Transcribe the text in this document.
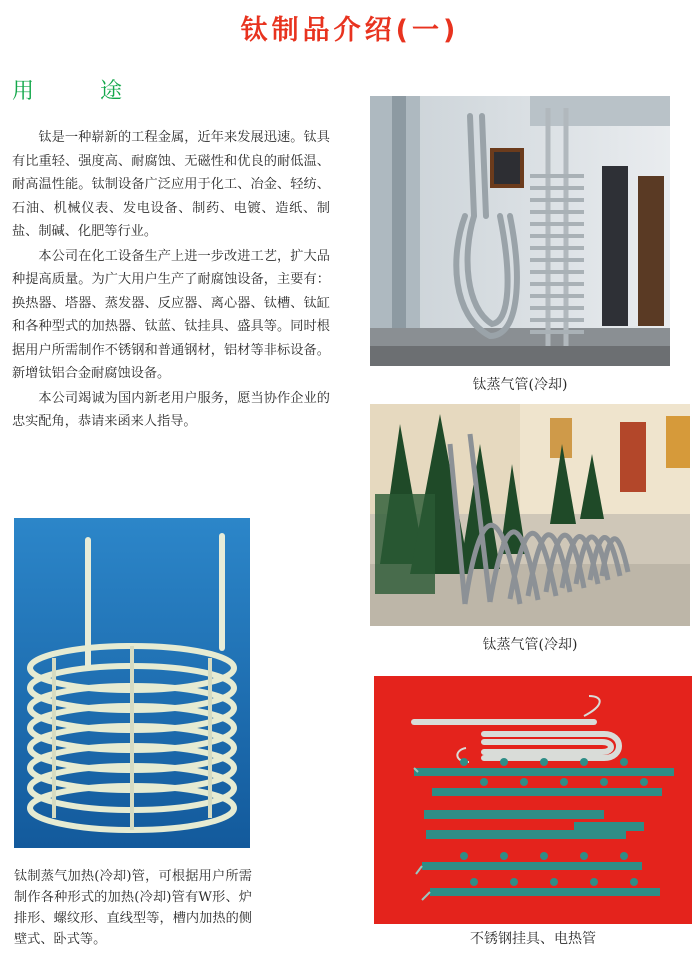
钛制品介绍(一)
用　途

钛是一种崭新的工程金属，近年来发展迅速。钛具有比重轻、强度高、耐腐蚀、无磁性和优良的耐低温、耐高温性能。钛制设备广泛应用于化工、冶金、轻纺、石油、机械仪表、发电设备、制药、电镀、造纸、制盐、制碱、化肥等行业。

本公司在化工设备生产上进一步改进工艺，扩大品种提高质量。为广大用户生产了耐腐蚀设备，主要有：换热器、塔器、蒸发器、反应器、离心器、钛槽、钛缸和各种型式的加热器、钛蓝、钛挂具、盛具等。同时根据用户所需制作不锈钢和普通钢材，铝材等非标设备。新增钛铝合金耐腐蚀设备。

本公司竭诚为国内新老用户服务，愿当协作企业的忠实配角，恭请来函来人指导。

钛蒸气管(冷却)
钛蒸气管(冷却)
钛制蒸气加热(冷却)管，可根据用户所需制作各种形式的加热(冷却)管有W形、炉排形、螺纹形、直线型等，槽内加热的侧壁式、卧式等。	不锈钢挂具、电热管
